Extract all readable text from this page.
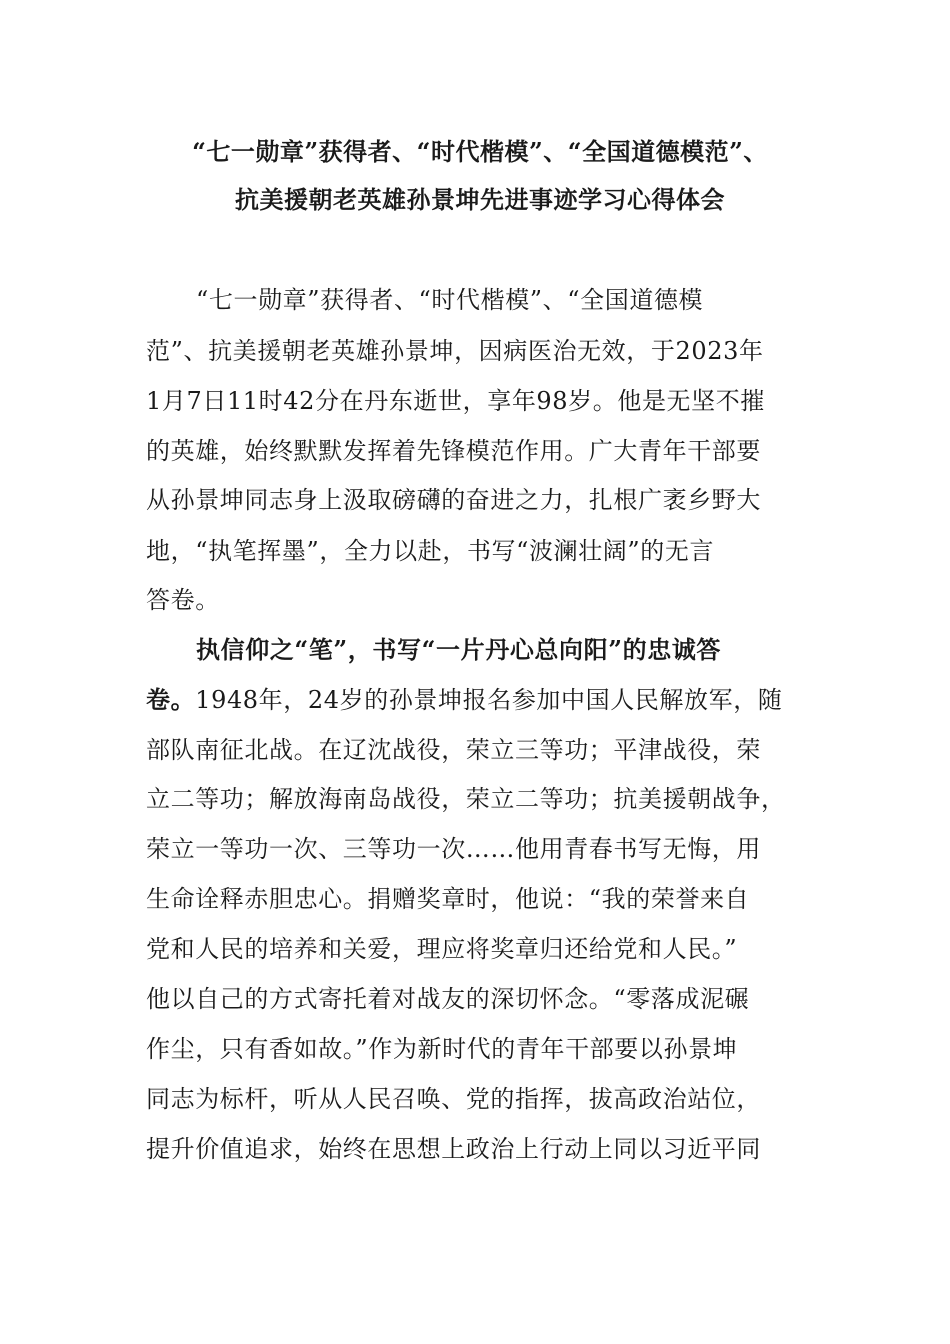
“七一勋章”获得者、“时代楷模”、“全国道德模范”、
抗美援朝老英雄孙景坤先进事迹学习心得体会
“七一勋章”获得者、“时代楷模”、“全国道德模
范”、抗美援朝老英雄孙景坤，因病医治无效，于2023年
1月7日11时42分在丹东逝世，享年98岁。他是无坚不摧
的英雄，始终默默发挥着先锋模范作用。广大青年干部要
从孙景坤同志身上汲取磅礴的奋进之力，扎根广袤乡野大
地，“执笔挥墨”，全力以赴，书写“波澜壮阔”的无言
答卷。
执信仰之“笔”，书写“一片丹心总向阳”的忠诚答
卷。1948年，24岁的孙景坤报名参加中国人民解放军，随
部队南征北战。在辽沈战役，荣立三等功；平津战役，荣
立二等功；解放海南岛战役，荣立二等功；抗美援朝战争，
荣立一等功一次、三等功一次……他用青春书写无悔，用
生命诠释赤胆忠心。捐赠奖章时，他说：“我的荣誉来自
党和人民的培养和关爱，理应将奖章归还给党和人民。”
他以自己的方式寄托着对战友的深切怀念。“零落成泥碾
作尘，只有香如故。”作为新时代的青年干部要以孙景坤
同志为标杆，听从人民召唤、党的指挥，拔高政治站位，
提升价值追求，始终在思想上政治上行动上同以习近平同
